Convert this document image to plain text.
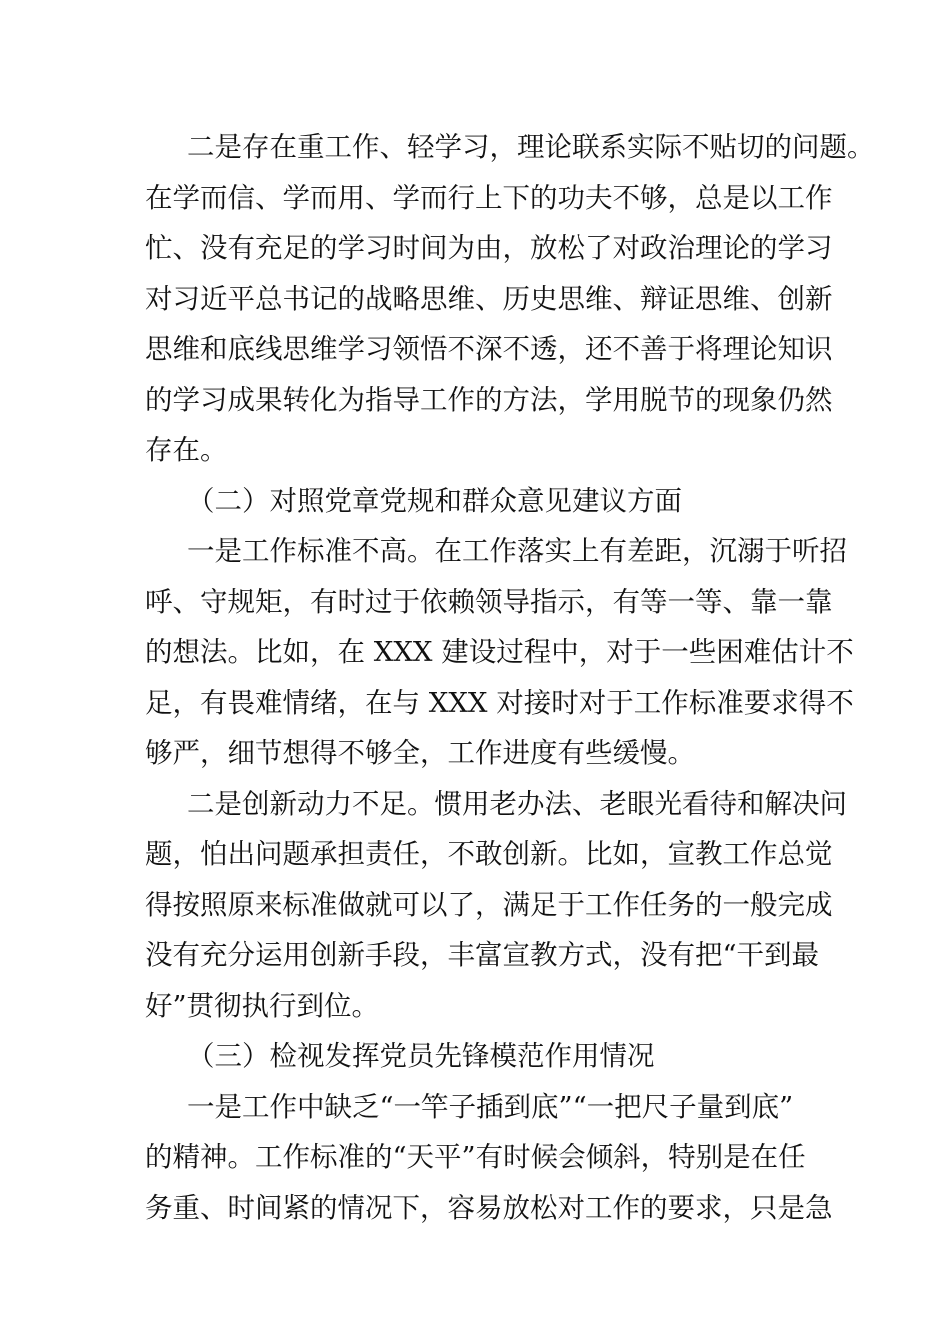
二是存在重工作、轻学习，理论联系实际不贴切的问题。
在学而信、学而用、学而行上下的功夫不够，总是以工作
忙、没有充足的学习时间为由，放松了对政治理论的学习
对习近平总书记的战略思维、历史思维、辩证思维、创新
思维和底线思维学习领悟不深不透，还不善于将理论知识
的学习成果转化为指导工作的方法，学用脱节的现象仍然
存在。
（二）对照党章党规和群众意见建议方面
一是工作标准不高。在工作落实上有差距，沉溺于听招
呼、守规矩，有时过于依赖领导指示，有等一等、靠一靠
的想法。比如，在 XXX 建设过程中，对于一些困难估计不
足，有畏难情绪，在与 XXX 对接时对于工作标准要求得不
够严，细节想得不够全，工作进度有些缓慢。
二是创新动力不足。惯用老办法、老眼光看待和解决问
题，怕出问题承担责任，不敢创新。比如，宣教工作总觉
得按照原来标准做就可以了，满足于工作任务的一般完成
没有充分运用创新手段，丰富宣教方式，没有把“干到最
好”贯彻执行到位。
（三）检视发挥党员先锋模范作用情况
一是工作中缺乏“一竿子插到底”“一把尺子量到底”
的精神。工作标准的“天平”有时候会倾斜，特别是在任
务重、时间紧的情况下，容易放松对工作的要求，只是急
